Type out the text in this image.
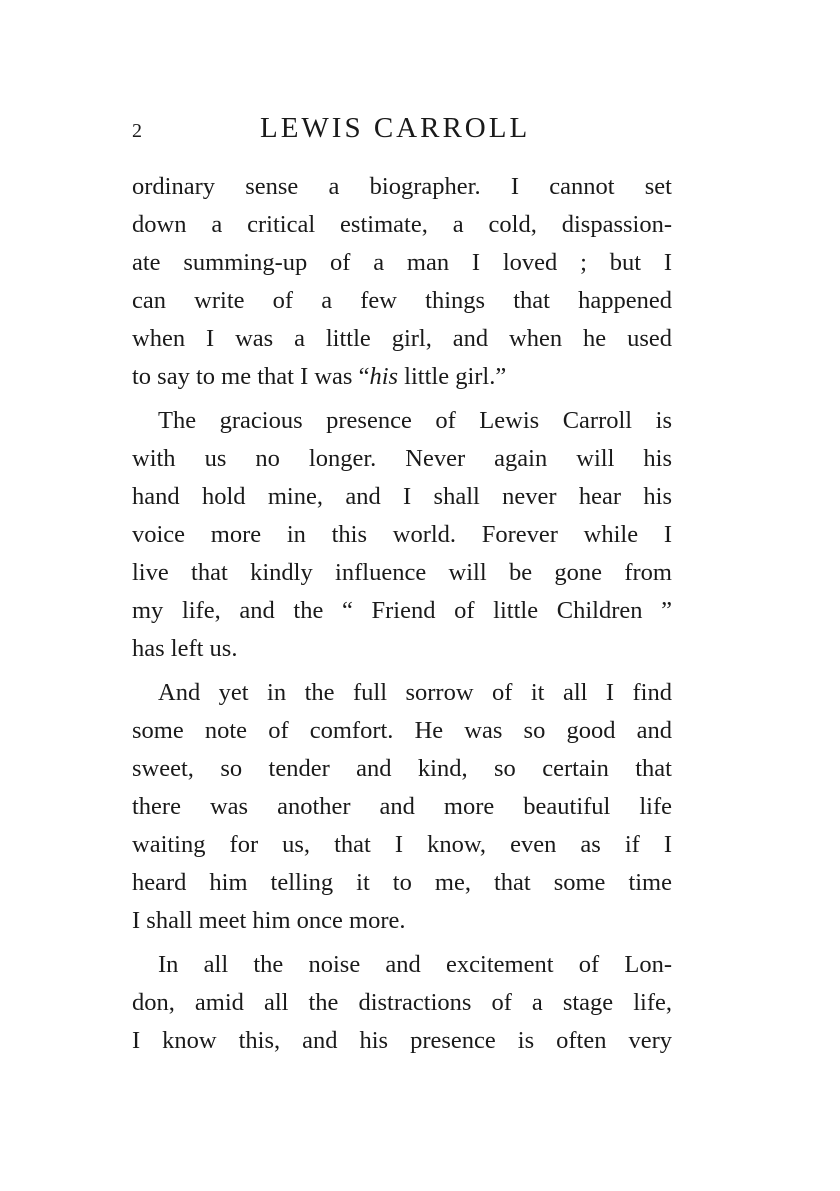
2	LEWIS CARROLL
ordinary sense a biographer. I cannot set
down a critical estimate, a cold, dispassion-
ate summing-up of a man I loved ; but I
can write of a few things that happened
when I was a little girl, and when he used
to say to me that I was “his little girl.”
The gracious presence of Lewis Carroll is
with us no longer. Never again will his
hand hold mine, and I shall never hear his
voice more in this world. Forever while I
live that kindly influence will be gone from
my life, and the “ Friend of little Children ”
has left us.
And yet in the full sorrow of it all I find
some note of comfort. He was so good and
sweet, so tender and kind, so certain that
there was another and more beautiful life
waiting for us, that I know, even as if I
heard him telling it to me, that some time
I shall meet him once more.
In all the noise and excitement of Lon-
don, amid all the distractions of a stage life,
I know this, and his presence is often very
